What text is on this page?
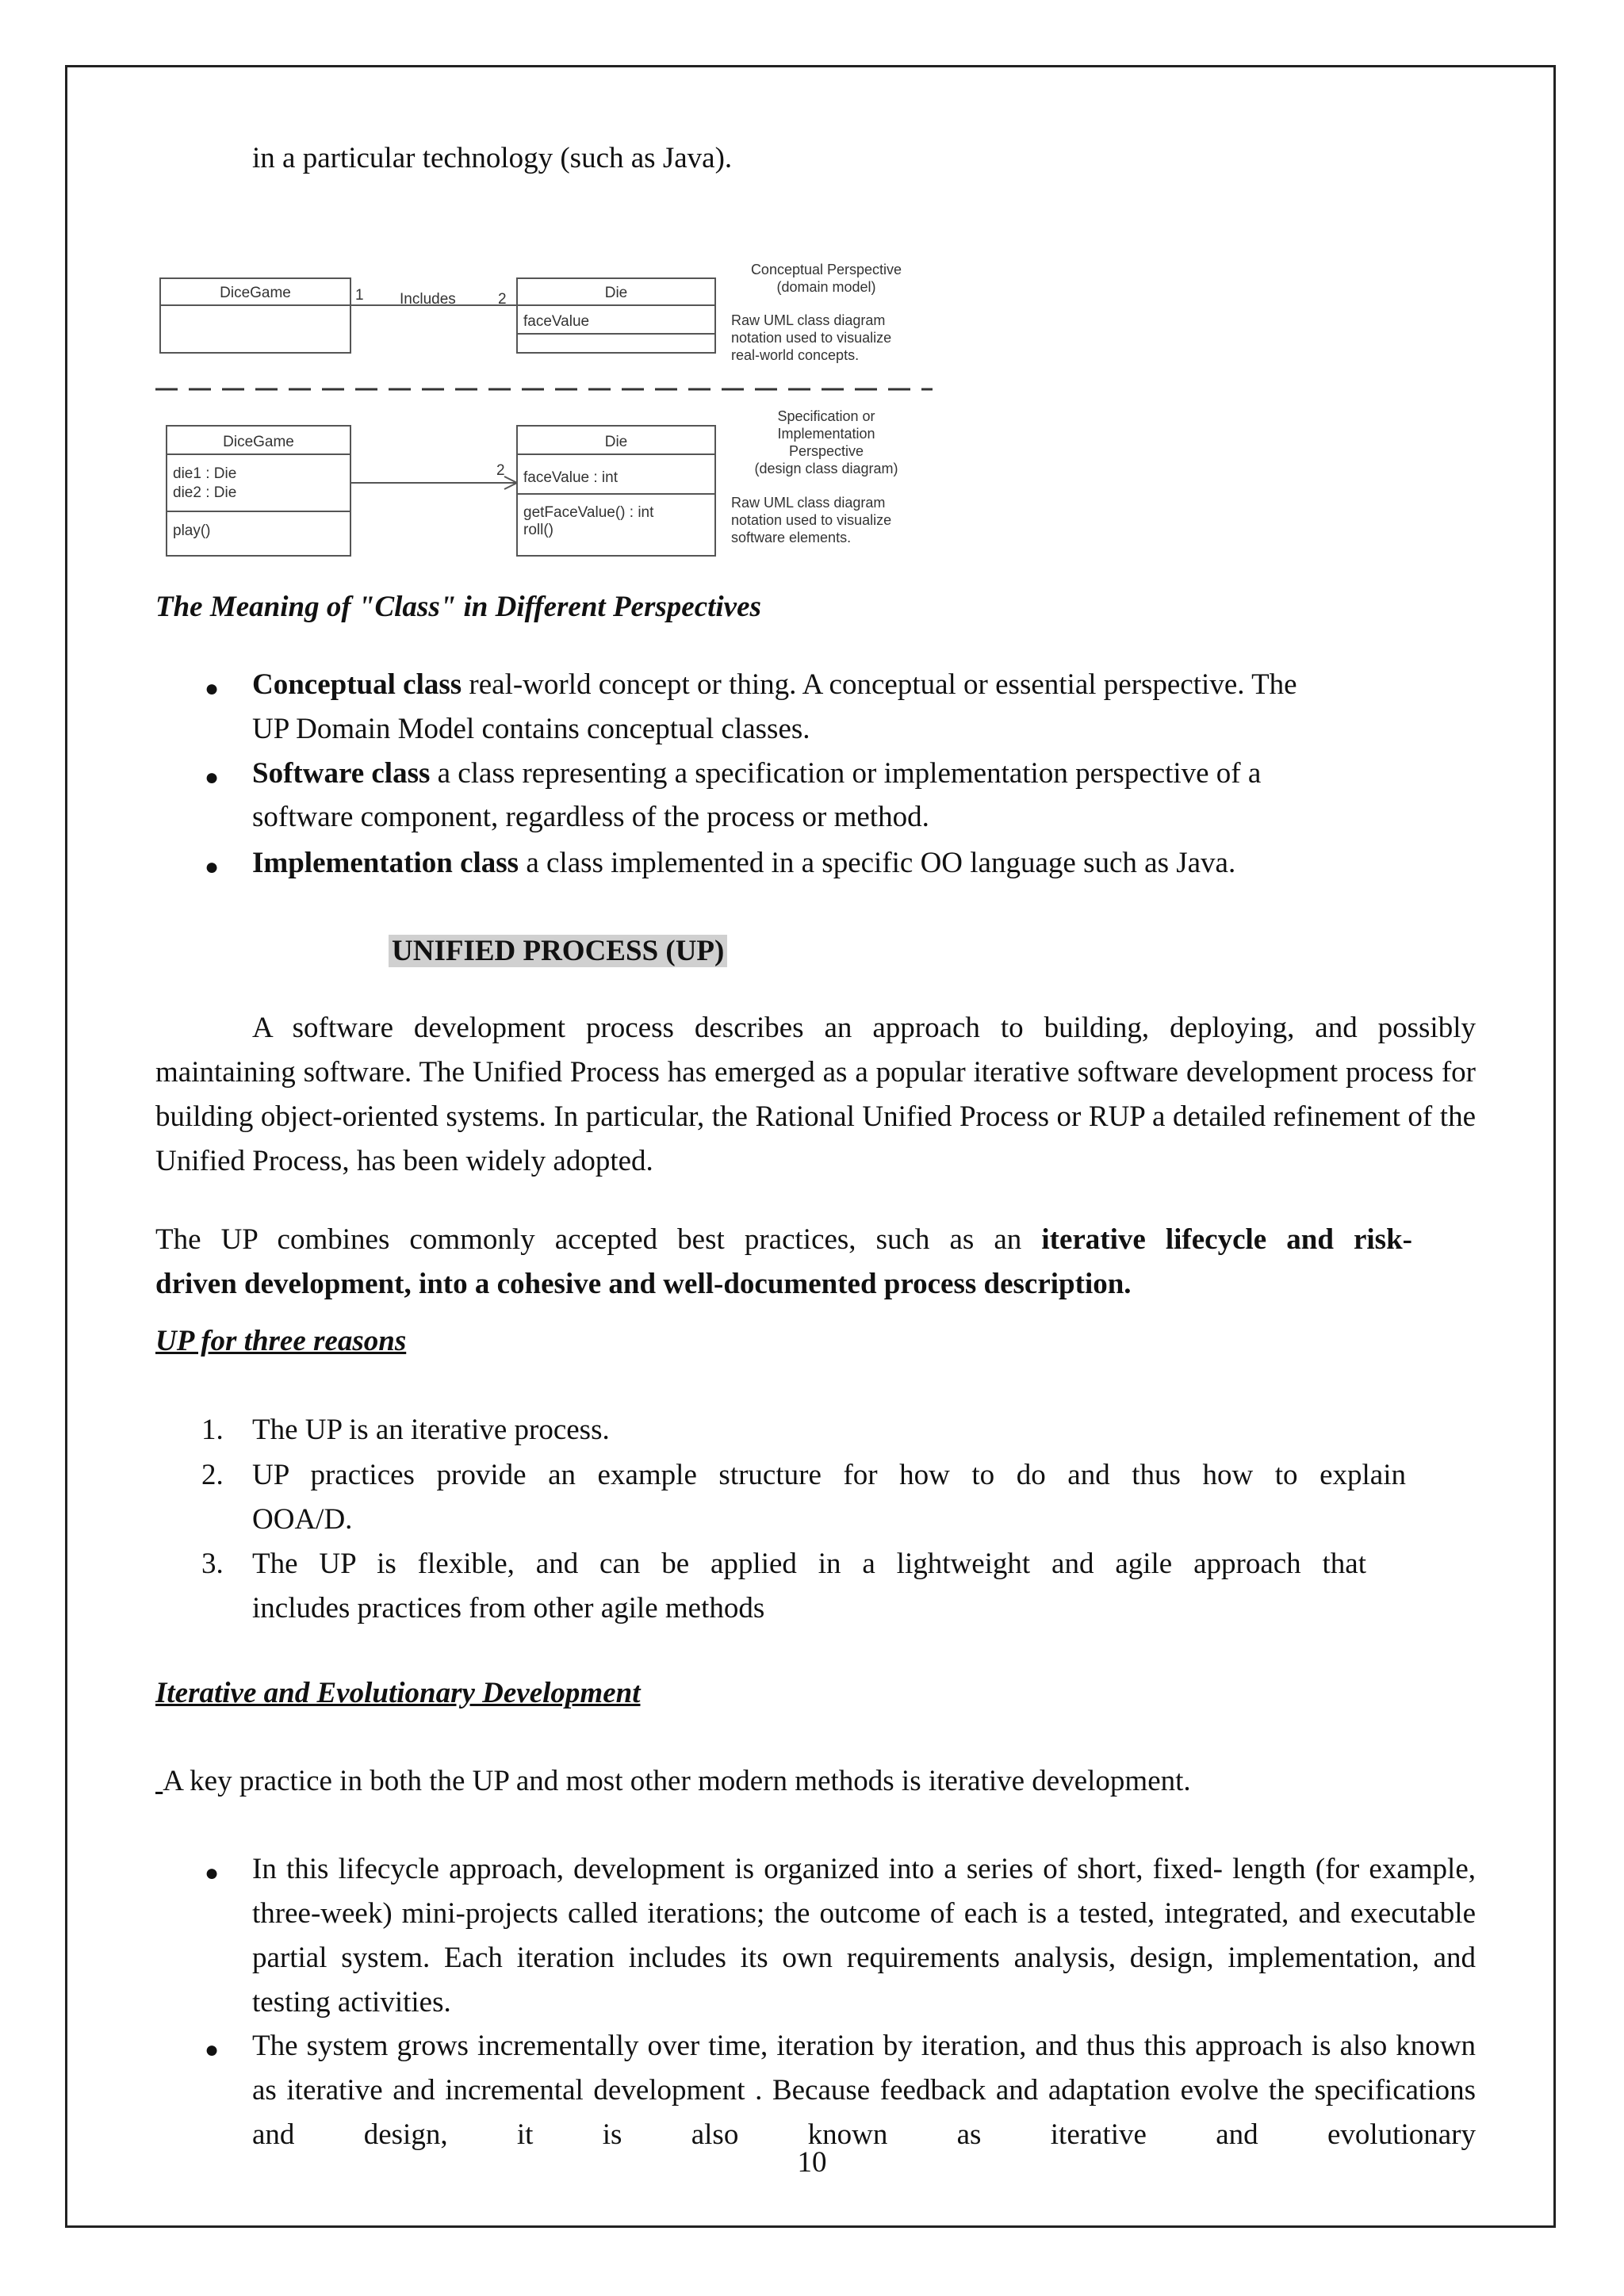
in a particular technology (such as Java).
DiceGame	1 Includes	2	Die
faceValue
Conceptual Perspective
(domain model)
Raw UML class diagram
notation used to visualize
real-world concepts.
DiceGame
die1 : Die
die2 : Die
play()
2
Die
faceValue : int
getFaceValue() : int
roll()
Specification or
Implementation
Perspective
(design class diagram)
Raw UML class diagram
notation used to visualize
software elements.
The Meaning of "Class" in Different Perspectives
● Conceptual class real-world concept or thing. A conceptual or essential perspective. The
UP Domain Model contains conceptual classes.
● Software class a class representing a specification or implementation perspective of a
software component, regardless of the process or method.
● Implementation class a class implemented in a specific OO language such as Java.
UNIFIED PROCESS (UP)
A software development process describes an approach to building, deploying, and possibly maintaining software. The Unified Process has emerged as a popular iterative software development process for building object-oriented systems. In particular, the Rational Unified Process or RUP a detailed refinement of the Unified Process, has been widely adopted.
The UP combines commonly accepted best practices, such as an iterative lifecycle and risk-
driven development, into a cohesive and well-documented process description.
UP for three reasons
1. The UP is an iterative process.
2. UP practices provide an example structure for how to do and thus how to explain
OOA/D.
3. The UP is flexible, and can be applied in a lightweight and agile approach that
includes practices from other agile methods
Iterative and Evolutionary Development
A key practice in both the UP and most other modern methods is iterative development.
● In this lifecycle approach, development is organized into a series of short, fixed- length (for example, three-week) mini-projects called iterations; the outcome of each is a tested, integrated, and executable partial system. Each iteration includes its own requirements analysis, design, implementation, and testing activities.
● The system grows incrementally over time, iteration by iteration, and thus this approach is also known as iterative and incremental development . Because feedback and adaptation evolve the specifications and design, it is also known as iterative and evolutionary
10
